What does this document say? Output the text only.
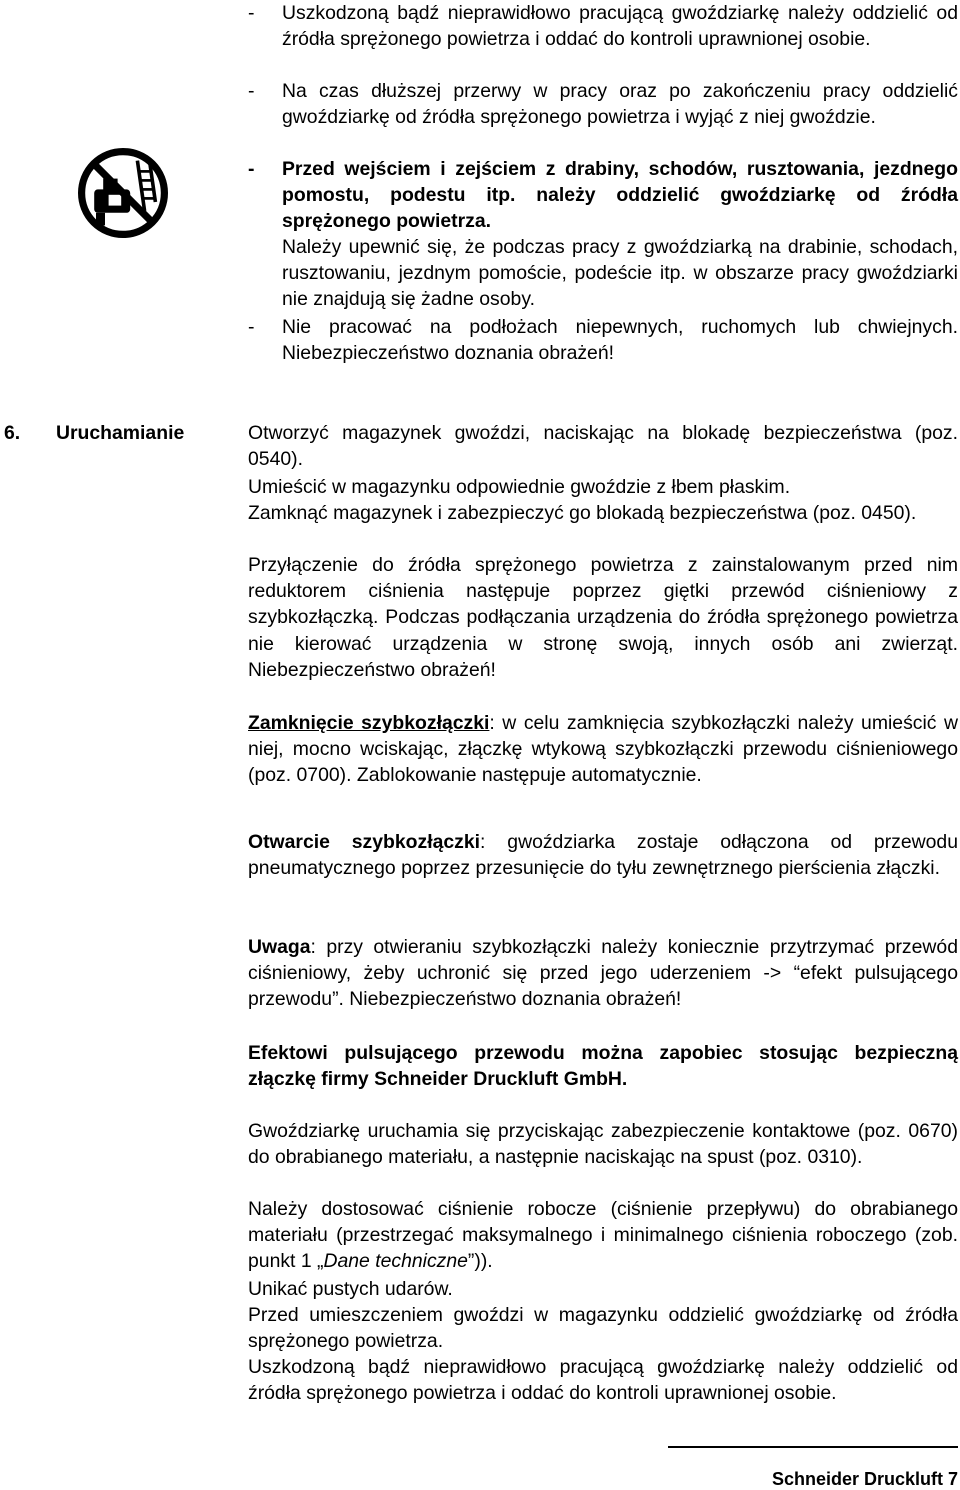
- Uszkodzoną bądź nieprawidłowo pracującą gwoździarkę należy oddzielić od źródła sprężonego powietrza i oddać do kontroli uprawnionej osobie.

- Na czas dłuższej przerwy w pracy oraz po zakończeniu pracy oddzielić gwoździarkę od źródła sprężonego powietrza i wyjąć z niej gwoździe.

- Przed wejściem i zejściem z drabiny, schodów, rusztowania, jezdnego pomostu, podestu itp. należy oddzielić gwoździarkę od źródła sprężonego powietrza.

Należy upewnić się, że podczas pracy z gwoździarką na drabinie, schodach, rusztowaniu, jezdnym pomoście, podeście itp. w obszarze pracy gwoździarki nie znajdują się żadne osoby.

- Nie pracować na podłożach niepewnych, ruchomych lub chwiejnych. Niebezpieczeństwo doznania obrażeń!

6. Uruchamianie	Otworzyć magazynek gwoździ, naciskając na blokadę bezpieczeństwa (poz. 0540).

Umieścić w magazynku odpowiednie gwoździe z łbem płaskim.

Zamknąć magazynek i zabezpieczyć go blokadą bezpieczeństwa (poz. 0450).

Przyłączenie do źródła sprężonego powietrza z zainstalowanym przed nim reduktorem ciśnienia następuje poprzez giętki przewód ciśnieniowy z szybkozłączką. Podczas podłączania urządzenia do źródła sprężonego powietrza nie kierować urządzenia w stronę swoją, innych osób ani zwierząt. Niebezpieczeństwo obrażeń!

Zamknięcie szybkozłączki: w celu zamknięcia szybkozłączki należy umieścić w niej, mocno wciskając, złączkę wtykową szybkozłączki przewodu ciśnieniowego (poz. 0700). Zablokowanie następuje automatycznie.

Otwarcie szybkozłączki: gwoździarka zostaje odłączona od przewodu pneumatycznego poprzez przesunięcie do tyłu zewnętrznego pierścienia złączki.

Uwaga: przy otwieraniu szybkozłączki należy koniecznie przytrzymać przewód ciśnieniowy, żeby uchronić się przed jego uderzeniem -> “efekt pulsującego przewodu”. Niebezpieczeństwo doznania obrażeń!

Efektowi pulsującego przewodu można zapobiec stosując bezpieczną złączkę firmy Schneider Druckluft GmbH.

Gwoździarkę uruchamia się przyciskając zabezpieczenie kontaktowe (poz. 0670) do obrabianego materiału, a następnie naciskając na spust (poz. 0310).

Należy dostosować ciśnienie robocze (ciśnienie przepływu) do obrabianego materiału (przestrzegać maksymalnego i minimalnego ciśnienia roboczego (zob. punkt 1 „Dane techniczne”)).

Unikać pustych udarów.

Przed umieszczeniem gwoździ w magazynku oddzielić gwoździarkę od źródła sprężonego powietrza.

Uszkodzoną bądź nieprawidłowo pracującą gwoździarkę należy oddzielić od źródła sprężonego powietrza i oddać do kontroli uprawnionej osobie.

Schneider Druckluft 7
